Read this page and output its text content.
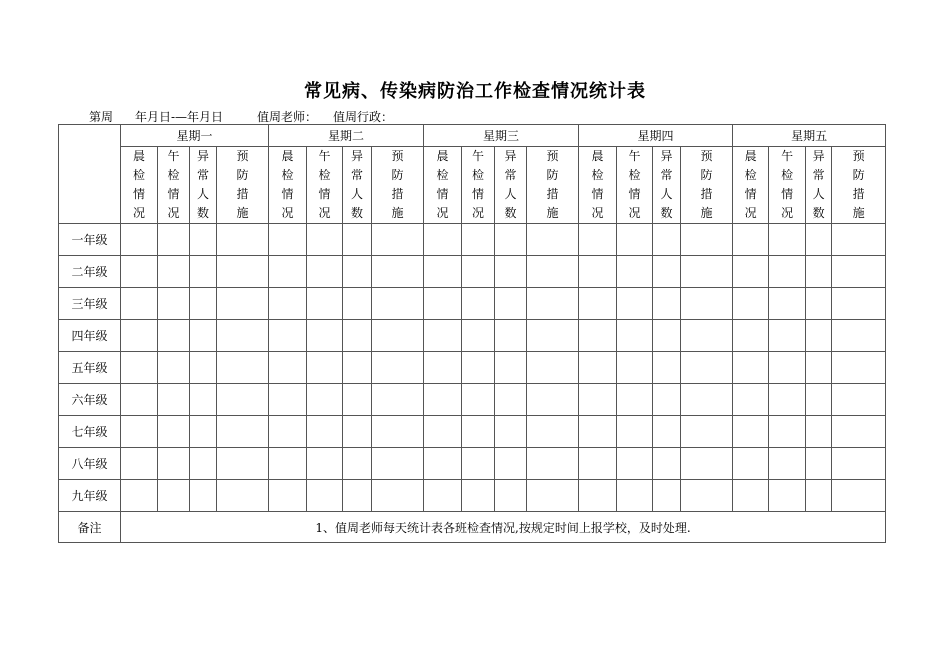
常见病、传染病防治工作检查情况统计表
第周 年月日-—年月日	值周老师： 值周行政：
	星期一				星期二				星期三				星期四				星期五			
	晨检情况	午检情况	异常人数	预防措施	晨检情况	午检情况	异常人数	预防措施	晨检情况	午检情况	异常人数	预防措施	晨检情况	午检情况	异常人数	预防措施	晨检情况	午检情况	异常人数	预防措施
一年级																				
二年级																				
三年级																				
四年级																				
五年级																				
六年级																				
七年级																				
八年级																				
九年级																				
备注	1、值周老师每天统计表各班检查情况,按规定时间上报学校，及时处理.																			
